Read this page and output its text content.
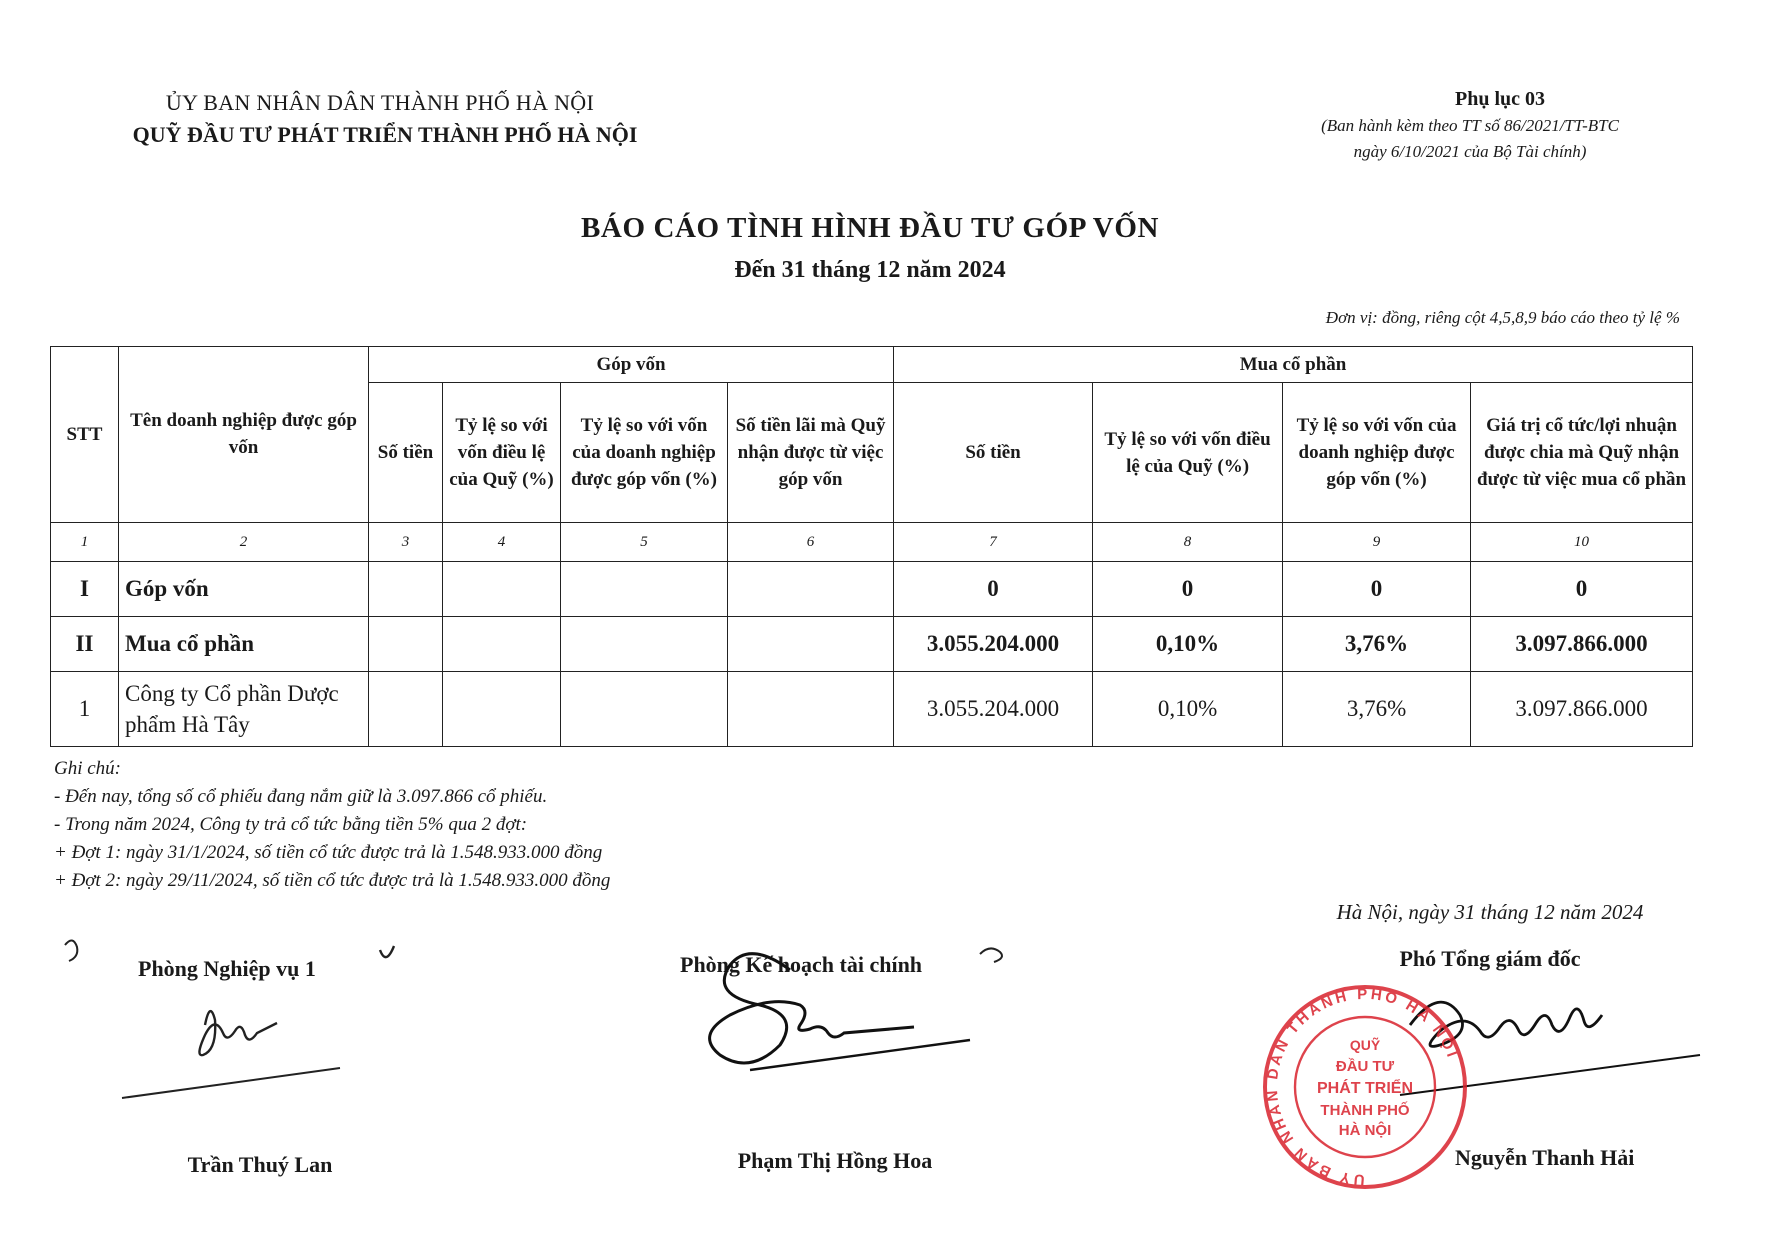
ỦY BAN NHÂN DÂN THÀNH PHỐ HÀ NỘI
QUỸ ĐẦU TƯ PHÁT TRIỂN THÀNH PHỐ HÀ NỘI
Phụ lục 03
(Ban hành kèm theo TT số 86/2021/TT-BTC
ngày 6/10/2021 của Bộ Tài chính)
BÁO CÁO TÌNH HÌNH ĐẦU TƯ GÓP VỐN
Đến 31 tháng 12 năm 2024
Đơn vị: đồng, riêng cột 4,5,8,9 báo cáo theo tỷ lệ %
STT	Tên doanh nghiệp được góp vốn	Góp vốn				Mua cổ phần			
		Số tiền	Tỷ lệ so với vốn điều lệ của Quỹ (%)	Tỷ lệ so với vốn của doanh nghiệp được góp vốn (%)	Số tiền lãi mà Quỹ nhận được từ việc góp vốn	Số tiền	Tỷ lệ so với vốn điều lệ của Quỹ (%)	Tỷ lệ so với vốn của doanh nghiệp được góp vốn (%)	Giá trị cổ tức/lợi nhuận được chia mà Quỹ nhận được từ việc mua cổ phần
1	2	3	4	5	6	7	8	9	10
I	Góp vốn					0	0	0	0
II	Mua cổ phần					3.055.204.000	0,10%	3,76%	3.097.866.000
1	Công ty Cổ phần Dược phẩm Hà Tây					3.055.204.000	0,10%	3,76%	3.097.866.000
Ghi chú:
- Đến nay, tổng số cổ phiếu đang nắm giữ là 3.097.866 cổ phiếu.
- Trong năm 2024, Công ty trả cổ tức bằng tiền 5% qua 2 đợt:
+ Đợt 1: ngày 31/1/2024, số tiền cổ tức được trả là 1.548.933.000 đồng
+ Đợt 2: ngày 29/11/2024, số tiền cổ tức được trả là 1.548.933.000 đồng
Hà Nội, ngày 31 tháng 12 năm 2024
Phòng Nghiệp vụ 1	Phòng Kế hoạch tài chính	Phó Tổng giám đốc
Trần Thuý Lan	Phạm Thị Hồng Hoa	Nguyễn Thanh Hải
ỦY BAN NHÂN DÂN THÀNH PHỐ HÀ NỘI
QUỸ
ĐẦU TƯ
PHÁT TRIỂN
THÀNH PHỐ
HÀ NỘI
